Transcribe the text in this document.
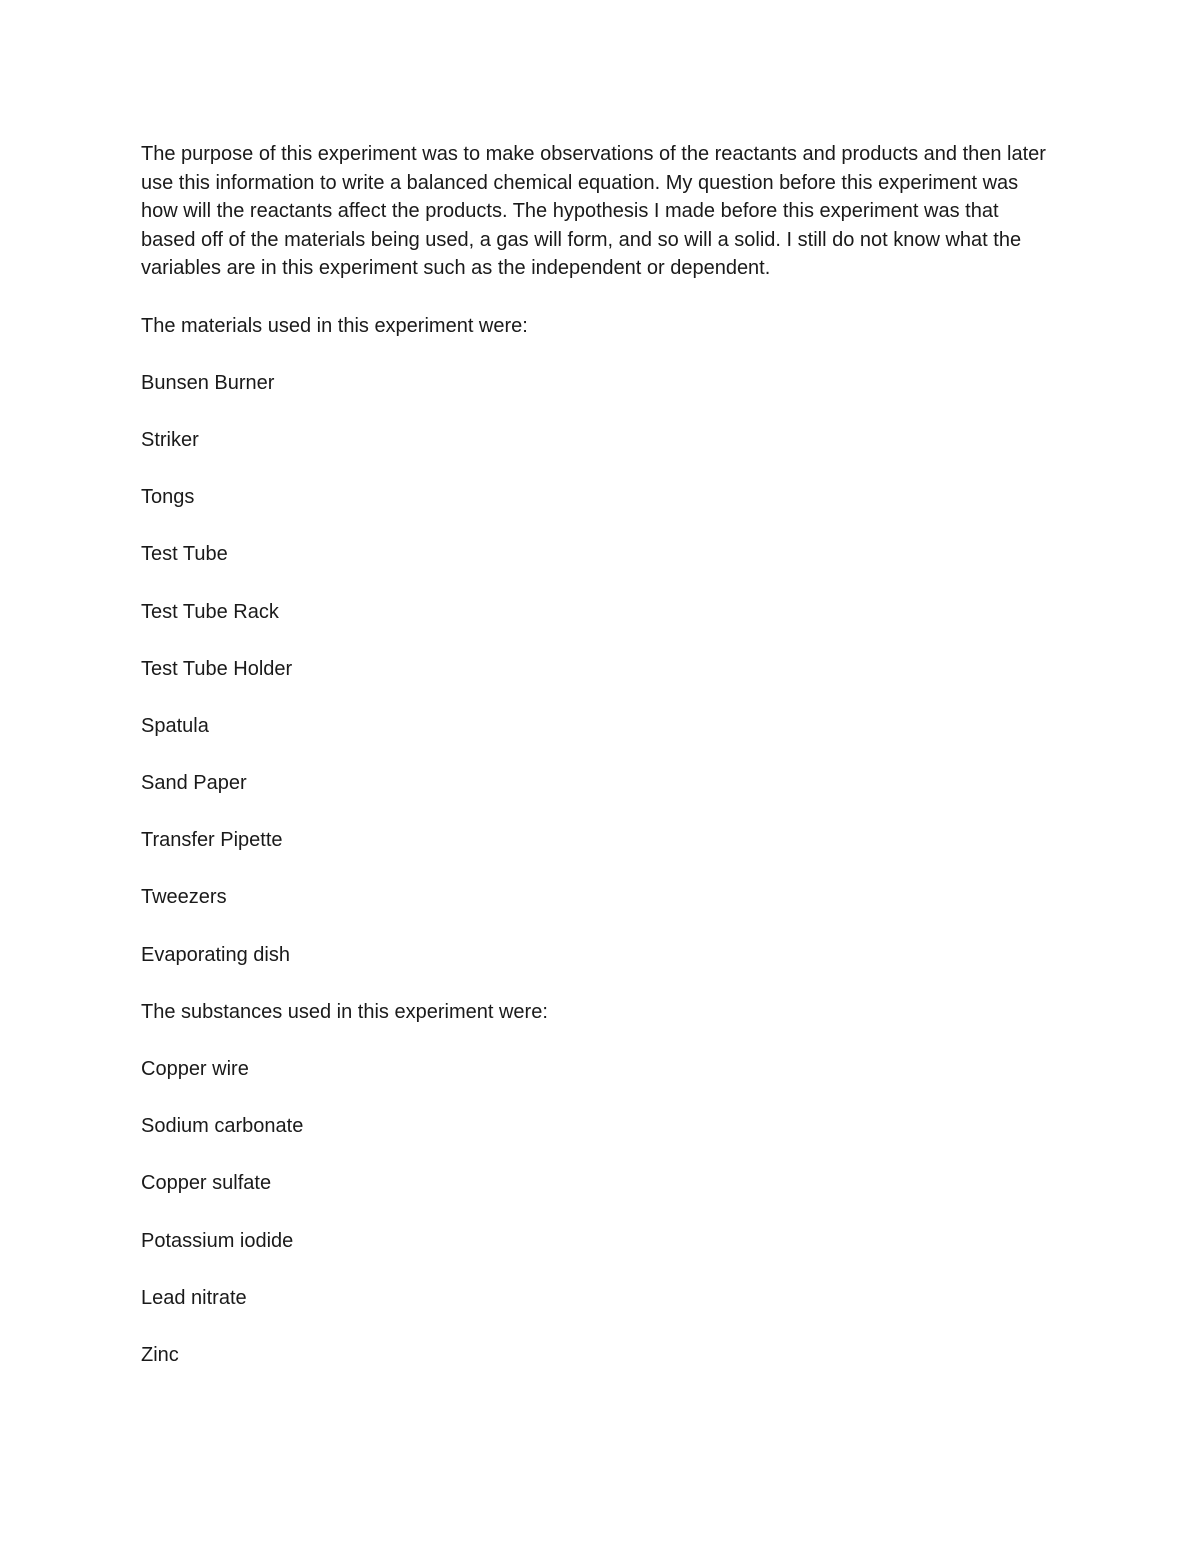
The purpose of this experiment was to make observations of the reactants and products and then later use this information to write a balanced chemical equation. My question before this experiment was how will the reactants affect the products. The hypothesis I made before this experiment was that based off of the materials being used, a gas will form, and so will a solid. I still do not know what the variables are in this experiment such as the independent or dependent.

The materials used in this experiment were:

Bunsen Burner
Striker
Tongs
Test Tube
Test Tube Rack
Test Tube Holder
Spatula
Sand Paper
Transfer Pipette
Tweezers
Evaporating dish

The substances used in this experiment were:

Copper wire
Sodium carbonate
Copper sulfate
Potassium iodide
Lead nitrate
Zinc
